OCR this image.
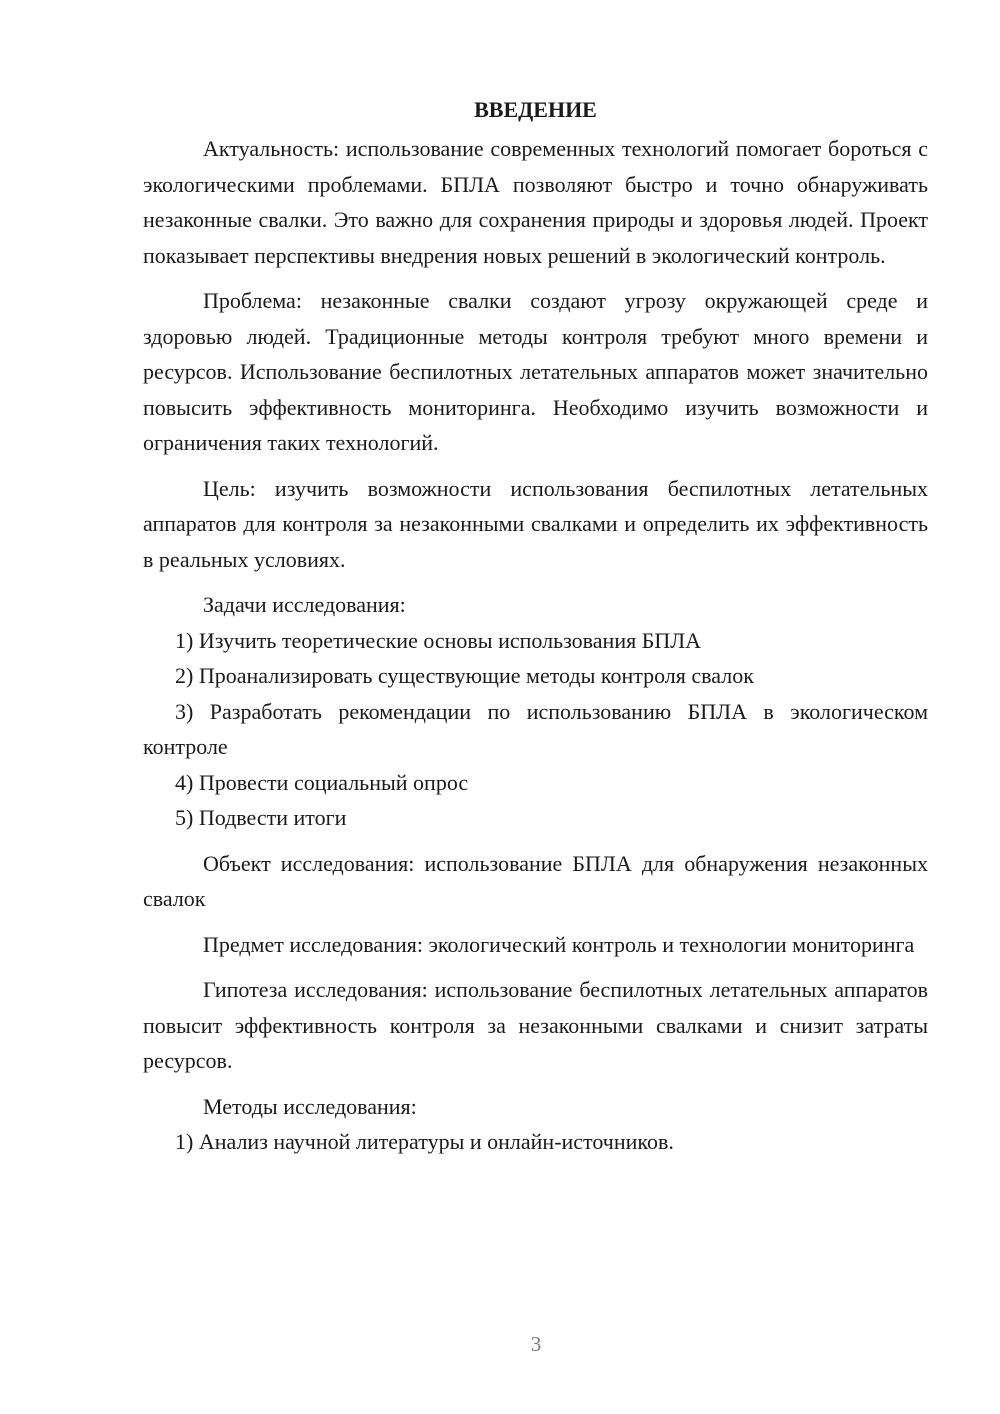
ВВЕДЕНИЕ

Актуальность: использование современных технологий помогает бороться с экологическими проблемами. БПЛА позволяют быстро и точно обнаруживать незаконные свалки. Это важно для сохранения природы и здоровья людей. Проект показывает перспективы внедрения новых решений в экологический контроль.

Проблема: незаконные свалки создают угрозу окружающей среде и здоровью людей. Традиционные методы контроля требуют много времени и ресурсов. Использование беспилотных летательных аппаратов может значительно повысить эффективность мониторинга. Необходимо изучить возможности и ограничения таких технологий.

Цель: изучить возможности использования беспилотных летательных аппаратов для контроля за незаконными свалками и определить их эффективность в реальных условиях.

Задачи исследования:

1) Изучить теоретические основы использования БПЛА

2) Проанализировать существующие методы контроля свалок

3) Разработать рекомендации по использованию БПЛА в экологическом контроле

4) Провести социальный опрос

5) Подвести итоги

Объект исследования: использование БПЛА для обнаружения незаконных свалок

Предмет исследования: экологический контроль и технологии мониторинга

Гипотеза исследования: использование беспилотных летательных аппаратов повысит эффективность контроля за незаконными свалками и снизит затраты ресурсов.

Методы исследования:

1) Анализ научной литературы и онлайн-источников.

3
